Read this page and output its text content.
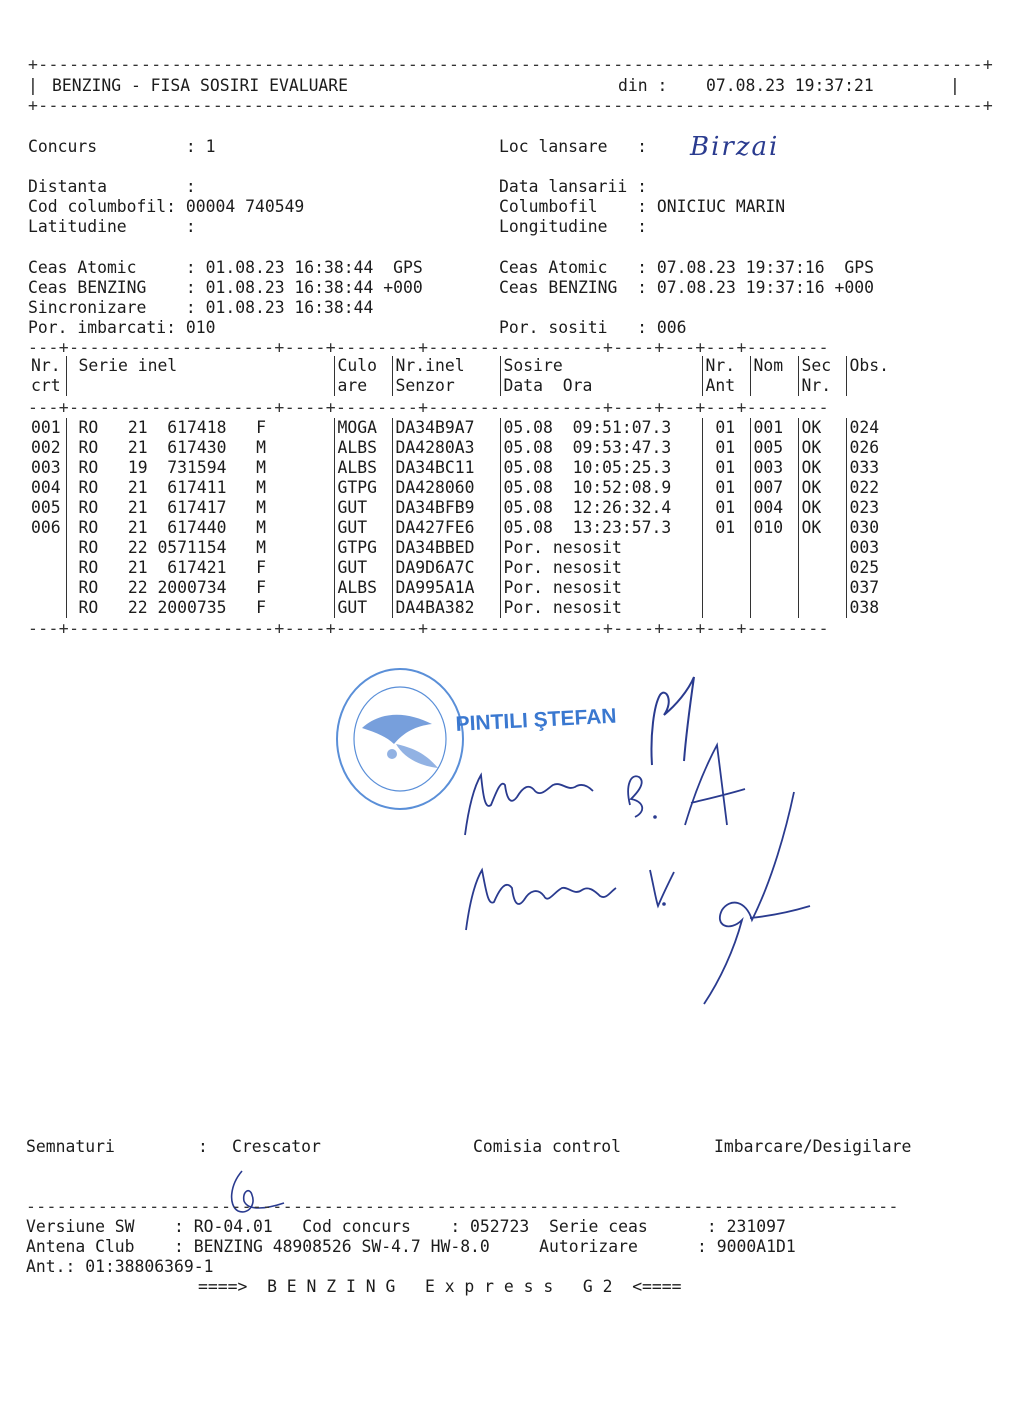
+--------------------------------------------------------------------------------------------+
| BENZING - FISA SOSIRI EVALUARE	din : 07.08.23 19:37:21	|
+--------------------------------------------------------------------------------------------+
Concurs         : 1	Loc lansare   : Birzai
Distanta        :	Data lansarii :
Cod columbofil: 00004 740549	Columbofil    : ONICIUC MARIN
Latitudine      :	Longitudine   :
Ceas Atomic     : 01.08.23 16:38:44  GPS	Ceas Atomic   : 07.08.23 19:37:16  GPS
Ceas BENZING    : 01.08.23 16:38:44 +000	Ceas BENZING  : 07.08.23 19:37:16 +000
Sincronizare    : 01.08.23 16:38:44
Por. imbarcati: 010	Por. sositi   : 006
---+--------------------+----+--------+-----------------+----+---+---+--------
---+--------------------+----+--------+-----------------+----+---+---+--------
---+--------------------+----+--------+-----------------+----+---+---+--------
Nr.	Serie inel	Culo	Nr.inel	Sosire	Nr.	Nom	Sec	Obs.
crt		are	Senzor	Data  Ora	Ant		Nr.	

001	RO   21  617418   F	MOGA	DA34B9A7	05.08  09:51:07.3	01	001	OK	024
002	RO   21  617430   M	ALBS	DA4280A3	05.08  09:53:47.3	01	005	OK	026
003	RO   19  731594   M	ALBS	DA34BC11	05.08  10:05:25.3	01	003	OK	033
004	RO   21  617411   M	GTPG	DA428060	05.08  10:52:08.9	01	007	OK	022
005	RO   21  617417   M	GUT	DA34BFB9	05.08  12:26:32.4	01	004	OK	023
006	RO   21  617440   M	GUT	DA427FE6	05.08  13:23:57.3	01	010	OK	030
	RO   22 0571154   M	GTPG	DA34BBED	Por. nesosit				003
	RO   21  617421   F	GUT	DA9D6A7C	Por. nesosit				025
	RO   22 2000734   F	ALBS	DA995A1A	Por. nesosit				037
	RO   22 2000735   F	GUT	DA4BA382	Por. nesosit				038
PINTILI ŞTEFAN
Semnaturi	: Crescator	Comisia control	Imbarcare/Desigilare
-------------------------------------------------------------------------------------
Versiune SW    : RO-04.01   Cod concurs    : 052723  Serie ceas      : 231097
Antena Club    : BENZING 48908526 SW-4.7 HW-8.0     Autorizare      : 9000A1D1
Ant.: 01:38806369-1
====>  B E N Z I N G   E x p r e s s   G 2  <====
